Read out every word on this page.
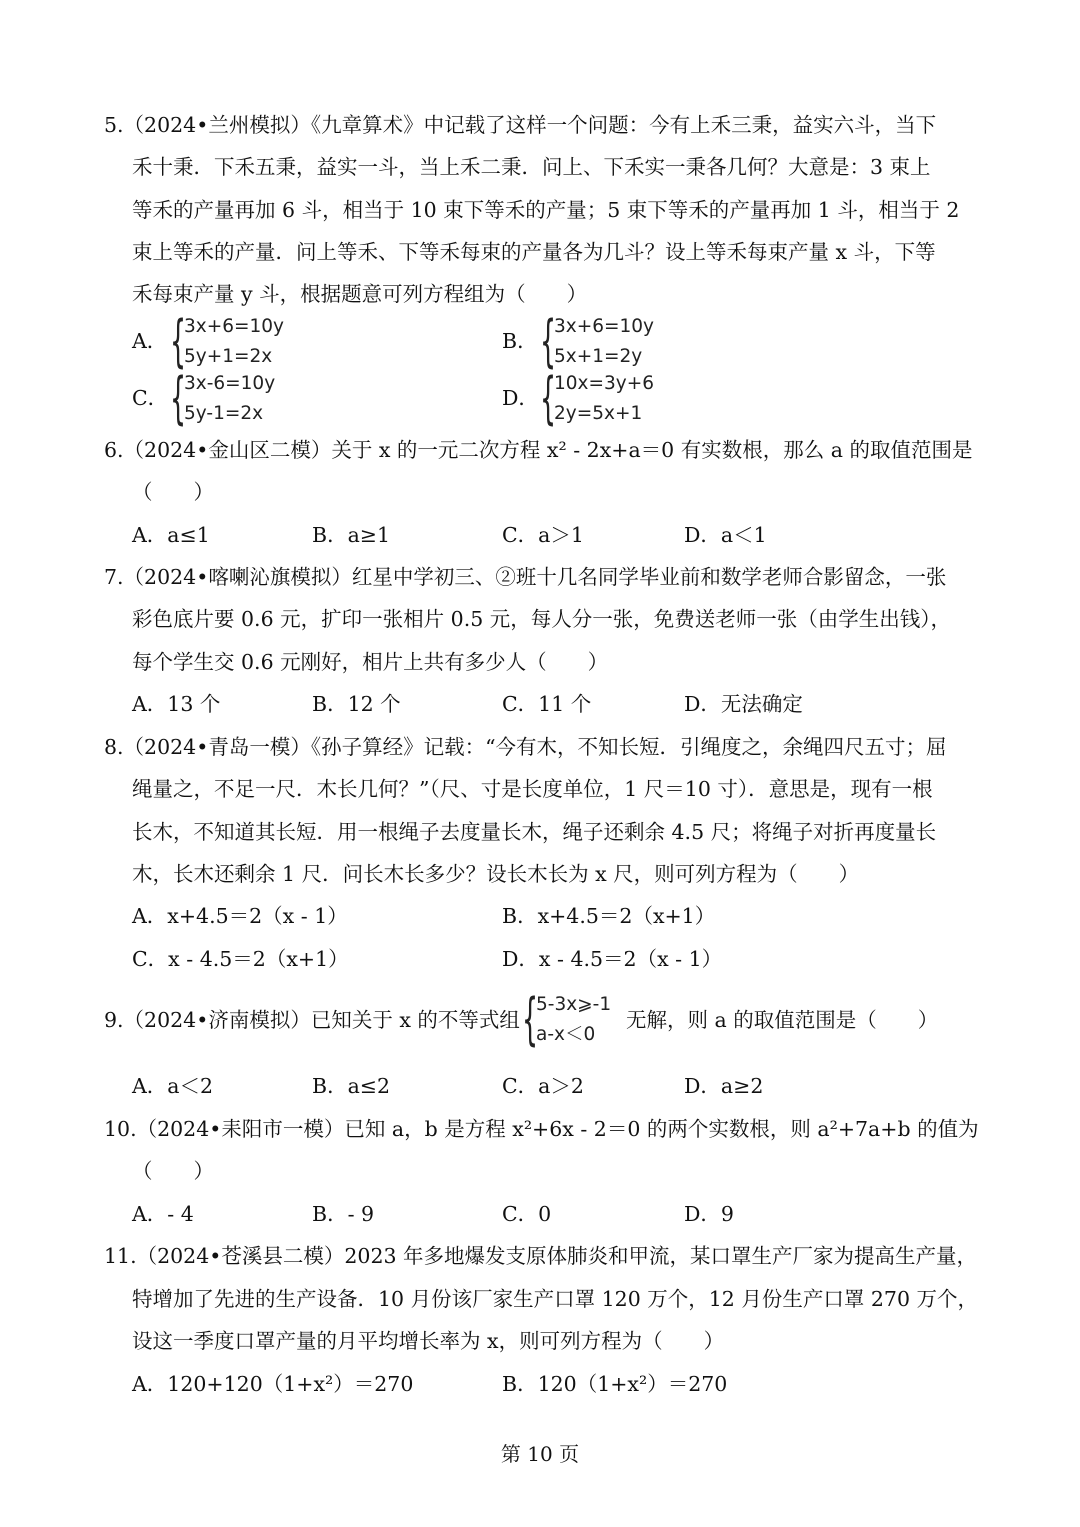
5.（2024•兰州模拟）《九章算术》中记载了这样一个问题：今有上禾三秉，益实六斗，当下
禾十秉．下禾五秉，益实一斗，当上禾二秉．问上、下禾实一秉各几何？大意是：3 束上
等禾的产量再加 6 斗，相当于 10 束下等禾的产量；5 束下等禾的产量再加 1 斗，相当于 2
束上等禾的产量．问上等禾、下等禾每束的产量各为几斗？设上等禾每束产量 x 斗，下等
禾每束产量 y 斗，根据题意可列方程组为（　　）
A． {
3x+6=10y
5y+1=2x
B． {
3x+6=10y
5x+1=2y
C． {
3x-6=10y
5y-1=2x
D． {
10x=3y+6
2y=5x+1
6.（2024•金山区二模）关于 x 的一元二次方程 x² - 2x+a＝0 有实数根，那么 a 的取值范围是
（　　）
A．a≤1	B．a≥1	C．a＞1	D．a＜1
7.（2024•喀喇沁旗模拟）红星中学初三、②班十几名同学毕业前和数学老师合影留念，一张
彩色底片要 0.6 元，扩印一张相片 0.5 元，每人分一张，免费送老师一张（由学生出钱），
每个学生交 0.6 元刚好，相片上共有多少人（　　）
A．13 个	B．12 个	C．11 个	D．无法确定
8.（2024•青岛一模）《孙子算经》记载：“今有木，不知长短．引绳度之，余绳四尺五寸；屈
绳量之，不足一尺．木长几何？”（尺、寸是长度单位，1 尺＝10 寸）．意思是，现有一根
长木，不知道其长短．用一根绳子去度量长木，绳子还剩余 4.5 尺；将绳子对折再度量长
木，长木还剩余 1 尺．问长木长多少？设长木长为 x 尺，则可列方程为（　　）
A．x+4.5＝2（x - 1）	B．x+4.5＝2（x+1）
C．x - 4.5＝2（x+1）	D．x - 4.5＝2（x - 1）
9.（2024•济南模拟）已知关于 x 的不等式组 {
5-3x⩾-1
a-x＜0
无解，则 a 的取值范围是（　　）
A．a＜2	B．a≤2	C．a＞2	D．a≥2
10.（2024•耒阳市一模）已知 a，b 是方程 x²+6x - 2＝0 的两个实数根，则 a²+7a+b 的值为
（　　）
A．- 4	B．- 9	C．0	D．9
11.（2024•苍溪县二模）2023 年多地爆发支原体肺炎和甲流，某口罩生产厂家为提高生产量，
特增加了先进的生产设备．10 月份该厂家生产口罩 120 万个，12 月份生产口罩 270 万个，
设这一季度口罩产量的月平均增长率为 x，则可列方程为（　　）
A．120+120（1+x²）＝270	B．120（1+x²）＝270
第 10 页
